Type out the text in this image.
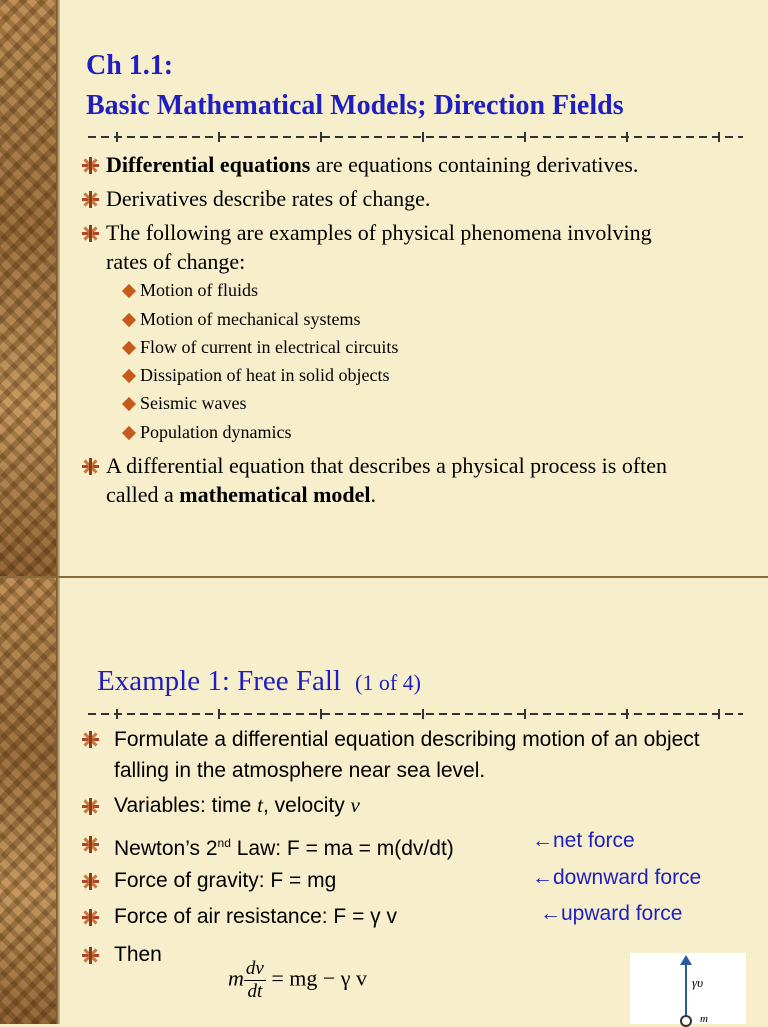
Ch 1.1:
Basic Mathematical Models; Direction Fields
Differential equations are equations containing derivatives.
Derivatives describe rates of change.
The following are examples of physical phenomena involving rates of change:
Motion of fluids
Motion of mechanical systems
Flow of current in electrical circuits
Dissipation of heat in solid objects
Seismic waves
Population dynamics
A differential equation that describes a physical process is often called a mathematical model.
Example 1: Free Fall (1 of 4)
Formulate a differential equation describing motion of an object falling in the atmosphere near sea level.
Variables: time t, velocity v
Newton’s 2nd Law: F = ma = m(dv/dt)	←net force
Force of gravity: F = mg	←downward force
Force of air resistance: F = γ v	←upward force
Then
m $\frac{dv}{dt}$ = mg − γ v	γυ
m
